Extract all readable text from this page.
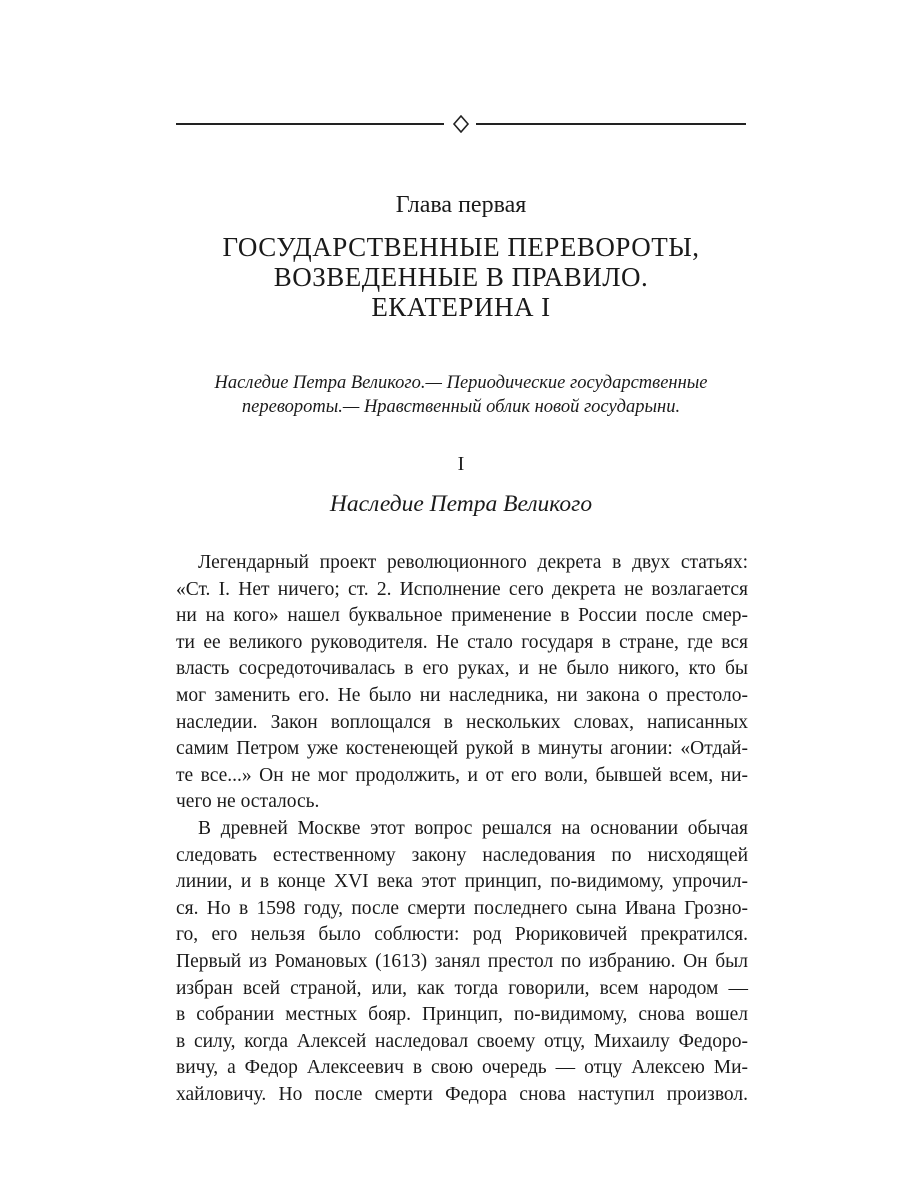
Глава первая
ГОСУДАРСТВЕННЫЕ ПЕРЕВОРОТЫ,
ВОЗВЕДЕННЫЕ В ПРАВИЛО.
ЕКАТЕРИНА I
Наследие Петра Великого.— Периодические государственные
перевороты.— Нравственный облик новой государыни.
I
Наследие Петра Великого
Легендарный проект революционного декрета в двух статьях:
«Ст. I. Нет ничего; ст. 2. Исполнение сего декрета не возлагается
ни на кого» нашел буквальное применение в России после смер-
ти ее великого руководителя. Не стало государя в стране, где вся
власть сосредоточивалась в его руках, и не было никого, кто бы
мог заменить его. Не было ни наследника, ни закона о престоло-
наследии. Закон воплощался в нескольких словах, написанных
самим Петром уже костенеющей рукой в минуты агонии: «Отдай-
те все...» Он не мог продолжить, и от его воли, бывшей всем, ни-
чего не осталось.
В древней Москве этот вопрос решался на основании обычая
следовать естественному закону наследования по нисходящей
линии, и в конце XVI века этот принцип, по-видимому, упрочил-
ся. Но в 1598 году, после смерти последнего сына Ивана Грозно-
го, его нельзя было соблюсти: род Рюриковичей прекратился.
Первый из Романовых (1613) занял престол по избранию. Он был
избран всей страной, или, как тогда говорили, всем народом —
в собрании местных бояр. Принцип, по-видимому, снова вошел
в силу, когда Алексей наследовал своему отцу, Михаилу Федоро-
вичу, а Федор Алексеевич в свою очередь — отцу Алексею Ми-
хайловичу. Но после смерти Федора снова наступил произвол.
